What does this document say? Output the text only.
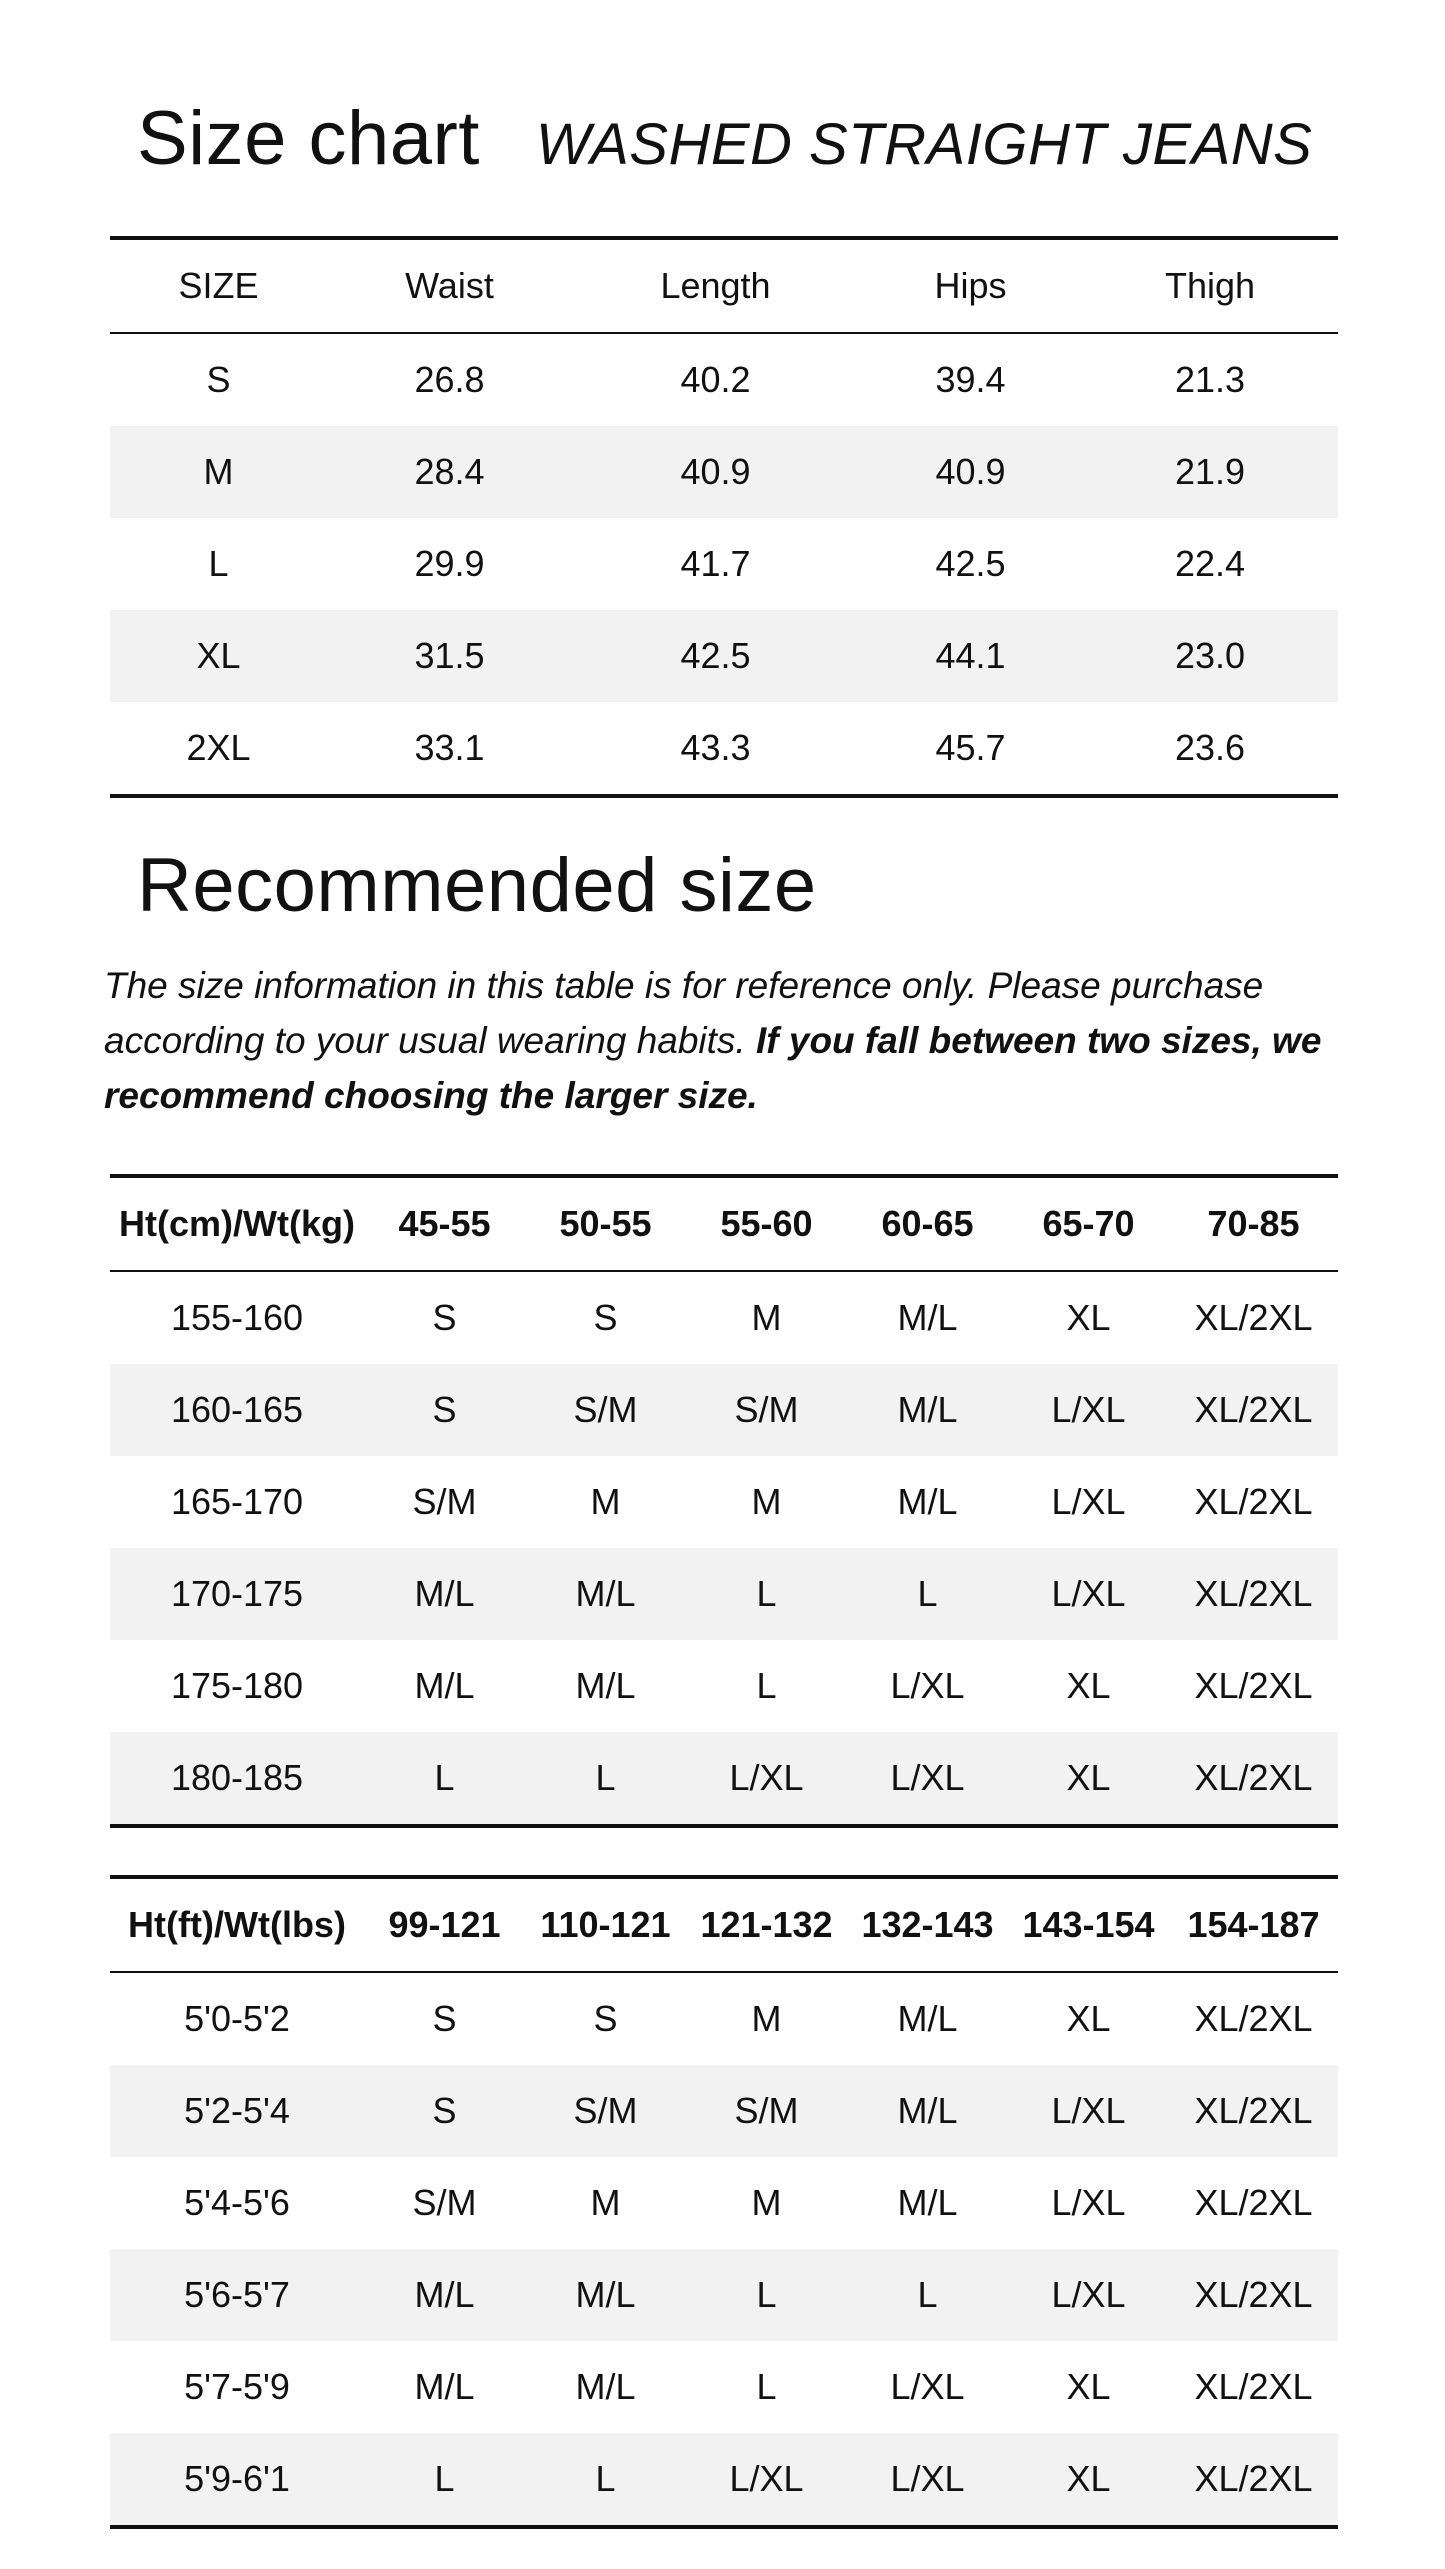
Size chart WASHED STRAIGHT JEANS
SIZE	Waist	Length	Hips	Thigh
S	26.8	40.2	39.4	21.3
M	28.4	40.9	40.9	21.9
L	29.9	41.7	42.5	22.4
XL	31.5	42.5	44.1	23.0
2XL	33.1	43.3	45.7	23.6
Recommended size
The size information in this table is for reference only. Please purchase according to your usual wearing habits. If you fall between two sizes, we recommend choosing the larger size.
Ht(cm)/Wt(kg)	45-55	50-55	55-60	60-65	65-70	70-85
155-160	S	S	M	M/L	XL	XL/2XL
160-165	S	S/M	S/M	M/L	L/XL	XL/2XL
165-170	S/M	M	M	M/L	L/XL	XL/2XL
170-175	M/L	M/L	L	L	L/XL	XL/2XL
175-180	M/L	M/L	L	L/XL	XL	XL/2XL
180-185	L	L	L/XL	L/XL	XL	XL/2XL
Ht(ft)/Wt(lbs)	99-121	110-121	121-132	132-143	143-154	154-187
5'0-5'2	S	S	M	M/L	XL	XL/2XL
5'2-5'4	S	S/M	S/M	M/L	L/XL	XL/2XL
5'4-5'6	S/M	M	M	M/L	L/XL	XL/2XL
5'6-5'7	M/L	M/L	L	L	L/XL	XL/2XL
5'7-5'9	M/L	M/L	L	L/XL	XL	XL/2XL
5'9-6'1	L	L	L/XL	L/XL	XL	XL/2XL
